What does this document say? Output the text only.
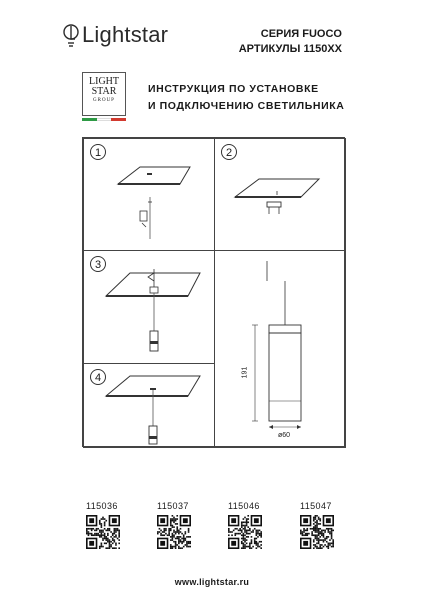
Lightstar	СЕРИЯ FUOCO
АРТИКУЛЫ 1150XX
LIGHT
STAR
GROUP
ИНСТРУКЦИЯ ПО УСТАНОВКЕ
И ПОДКЛЮЧЕНИЮ СВЕТИЛЬНИКА
1	2
3
4	191
ø60
115036	115037	115046	115047
www.lightstar.ru
